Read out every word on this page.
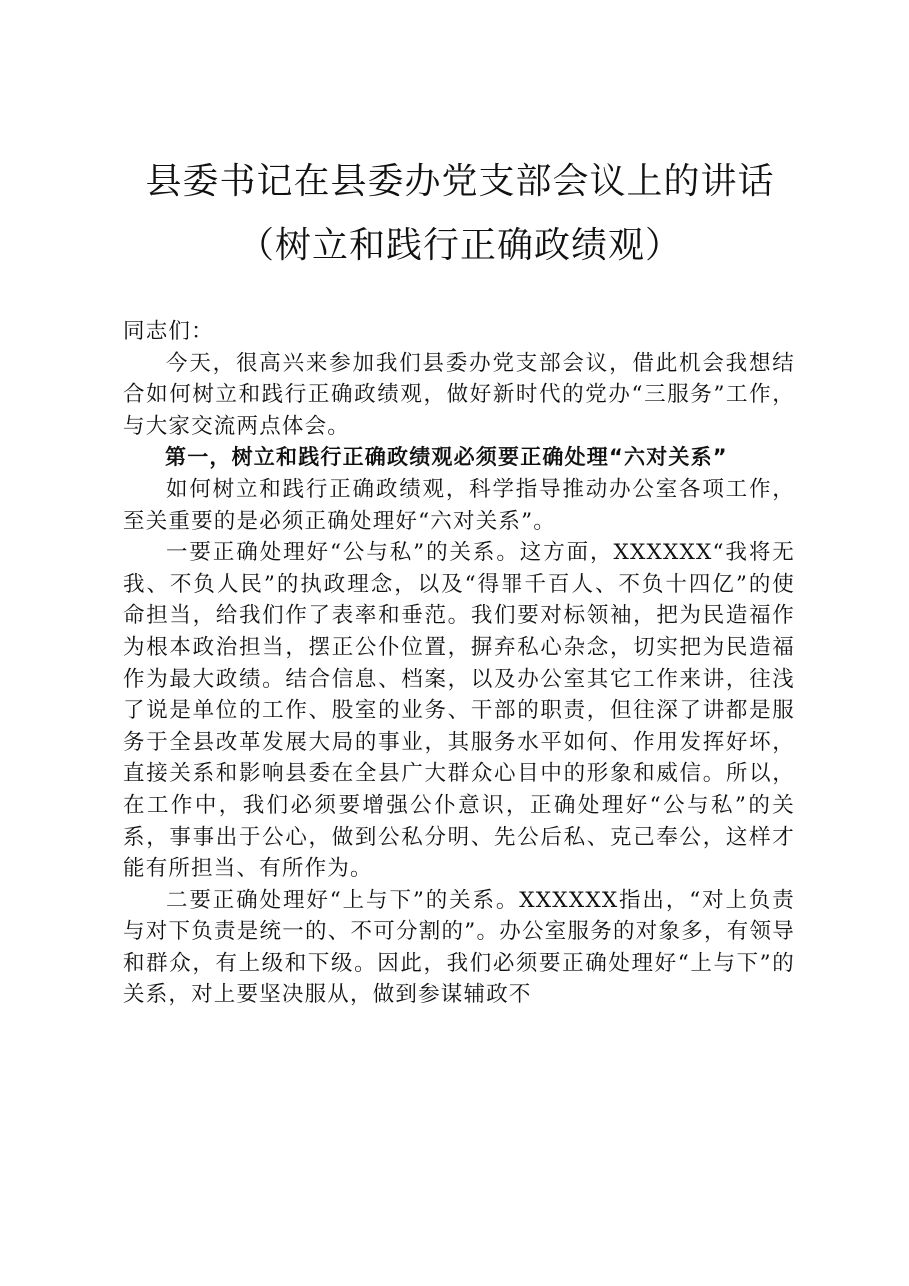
县委书记在县委办党支部会议上的讲话（树立和践行正确政绩观）

同志们：

今天，很高兴来参加我们县委办党支部会议，借此机会我想结合如何树立和践行正确政绩观，做好新时代的党办“三服务”工作，与大家交流两点体会。

第一，树立和践行正确政绩观必须要正确处理“六对关系”

如何树立和践行正确政绩观，科学指导推动办公室各项工作，至关重要的是必须正确处理好“六对关系”。

一要正确处理好“公与私”的关系。这方面，XXXXXX“我将无我、不负人民”的执政理念，以及“得罪千百人、不负十四亿”的使命担当，给我们作了表率和垂范。我们要对标领袖，把为民造福作为根本政治担当，摆正公仆位置，摒弃私心杂念，切实把为民造福作为最大政绩。结合信息、档案，以及办公室其它工作来讲，往浅了说是单位的工作、股室的业务、干部的职责，但往深了讲都是服务于全县改革发展大局的事业，其服务水平如何、作用发挥好坏，直接关系和影响县委在全县广大群众心目中的形象和威信。所以，在工作中，我们必须要增强公仆意识，正确处理好“公与私”的关系，事事出于公心，做到公私分明、先公后私、克己奉公，这样才能有所担当、有所作为。

二要正确处理好“上与下”的关系。XXXXXX指出，“对上负责与对下负责是统一的、不可分割的”。办公室服务的对象多，有领导和群众，有上级和下级。因此，我们必须要正确处理好“上与下”的关系，对上要坚决服从，做到参谋辅政不
